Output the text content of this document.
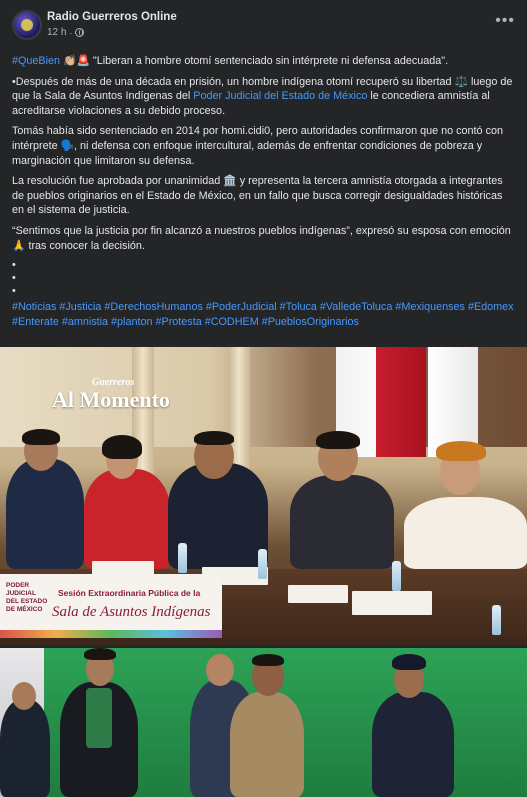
Radio Guerreros Online
12 h ·
•••

#QueBien 👏🏼🚨 "Liberan a hombre otomí sentenciado sin intérprete ni defensa adecuada".

•Después de más de una década en prisión, un hombre indígena otomí recuperó su libertad ⚖️ luego de que la Sala de Asuntos Indígenas del Poder Judicial del Estado de México le concediera amnistía al acreditarse violaciones a su debido proceso.

Tomás había sido sentenciado en 2014 por homi.cidi0, pero autoridades confirmaron que no contó con intérprete 🗣️, ni defensa con enfoque intercultural, además de enfrentar condiciones de pobreza y marginación que limitaron su defensa.

La resolución fue aprobada por unanimidad 🏛️ y representa la tercera amnistía otorgada a integrantes de pueblos originarios en el Estado de México, en un fallo que busca corregir desigualdades históricas en el sistema de justicia.

“Sentimos que la justicia por fin alcanzó a nuestros pueblos indígenas”, expresó su esposa con emoción 🙏 tras conocer la decisión.

•
•
•
#Noticias #Justicia #DerechosHumanos #PoderJudicial #Toluca #ValledeToluca #Mexiquenses #Edomex #Enterate #amnistia #planton #Protesta #CODHEM #PueblosOriginarios
Guerreros
Al Momento
PODER JUDICIAL DEL ESTADO DE MÉXICO
Sesión Extraordinaria Pública de la
Sala de Asuntos Indígenas
